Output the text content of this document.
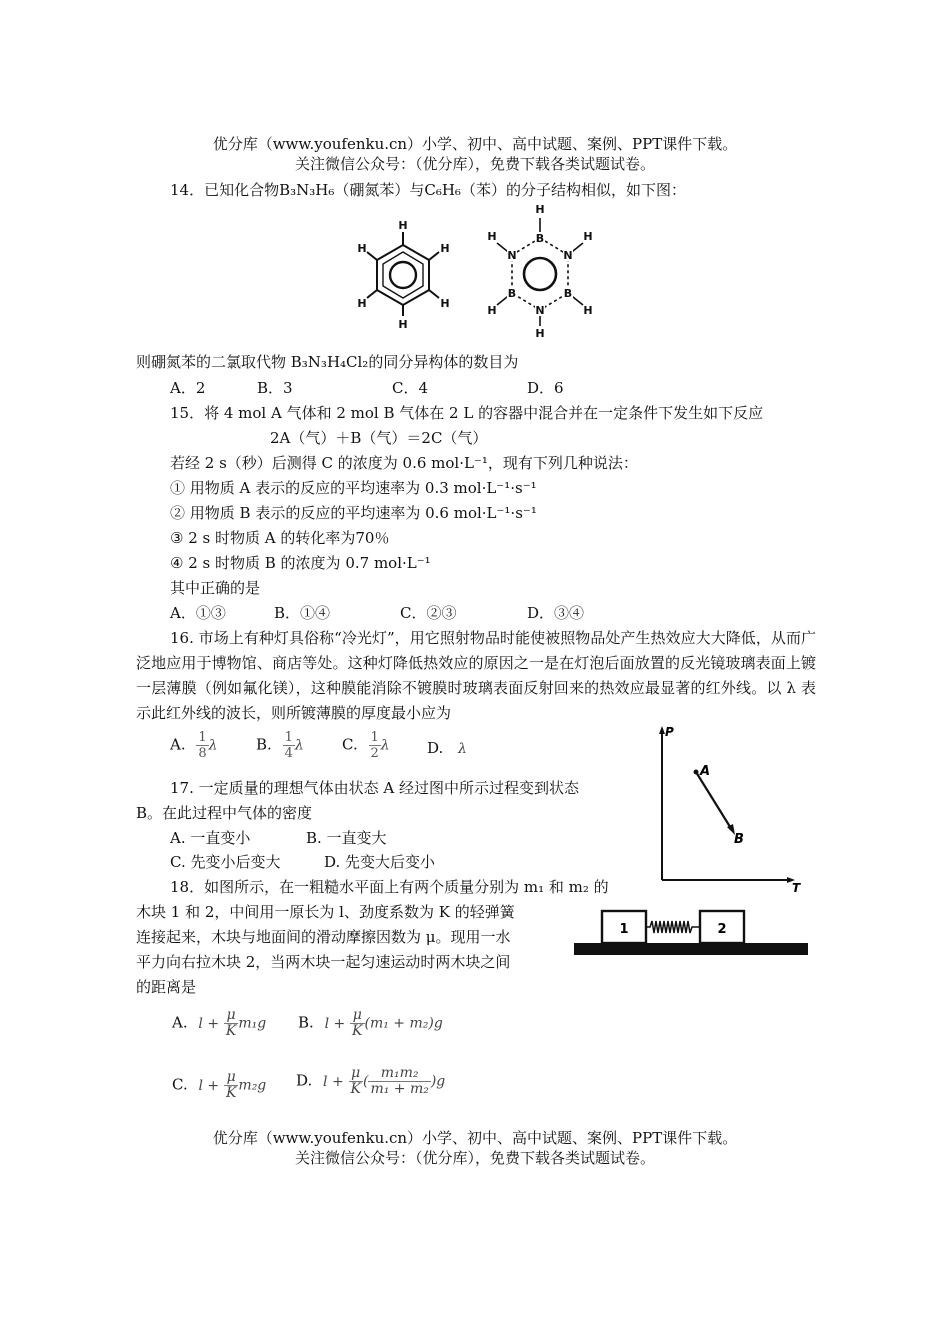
优分库（www.youfenku.cn）小学、初中、高中试题、案例、PPT课件下载。
关注微信公众号：（优分库），免费下载各类试题试卷。
14．已知化合物B₃N₃H₆（硼氮苯）与C₆H₆（苯）的分子结构相似，如下图：
H
H
H
H
H
H
B
N
B
N
B
N
H
H
H
H
H
H
则硼氮苯的二氯取代物 B₃N₃H₄Cl₂的同分异构体的数目为
A．2	B．3	C．4	D．6
15．将 4 mol A 气体和 2 mol B 气体在 2 L 的容器中混合并在一定条件下发生如下反应
2A（气）＋B（气）＝2C（气）
若经 2 s（秒）后测得 C 的浓度为 0.6 mol·L⁻¹，现有下列几种说法：
① 用物质 A 表示的反应的平均速率为 0.3 mol·L⁻¹·s⁻¹
② 用物质 B 表示的反应的平均速率为 0.6 mol·L⁻¹·s⁻¹
③ 2 s 时物质 A 的转化率为70％
④ 2 s 时物质 B 的浓度为 0.7 mol·L⁻¹
其中正确的是
A．①③	B．①④	C．②③	D．③④
16. 市场上有种灯具俗称“冷光灯”，用它照射物品时能使被照物品处产生热效应大大降低，从而广泛地应用于博物馆、商店等处。这种灯降低热效应的原因之一是在灯泡后面放置的反光镜玻璃表面上镀一层薄膜（例如氟化镁），这种膜能消除不镀膜时玻璃表面反射回来的热效应最显著的红外线。以 λ 表示此红外线的波长，则所镀薄膜的厚度最小应为
A. $\frac{1}{8}$ λ	B. $\frac{1}{4}$ λ	C. $\frac{1}{2}$ λ D. λ
P
T
A
B
17. 一定质量的理想气体由状态 A 经过图中所示过程变到状态
B。在此过程中气体的密度
A. 一直变小	B. 一直变大
C. 先变小后变大	D. 先变大后变小
18．如图所示，在一粗糙水平面上有两个质量分别为 m₁ 和 m₂ 的
木块 1 和 2，中间用一原长为 l、劲度系数为 K 的轻弹簧
连接起来，木块与地面间的滑动摩擦因数为 μ。现用一水
平力向右拉木块 2，当两木块一起匀速运动时两木块之间
的距离是
1	2
A. $l + \frac{\mu}{K} m_1g$ B. $l + \frac{\mu}{K} (m_1 + m_2)g$
C. $l + \frac{\mu}{K} m_2g$ D. $l + \frac{\mu}{K}$ ( $\frac{\text{m₁m₂}}{\text{m₁ + m₂}} )g$
优分库（www.youfenku.cn）小学、初中、高中试题、案例、PPT课件下载。
关注微信公众号：（优分库），免费下载各类试题试卷。
